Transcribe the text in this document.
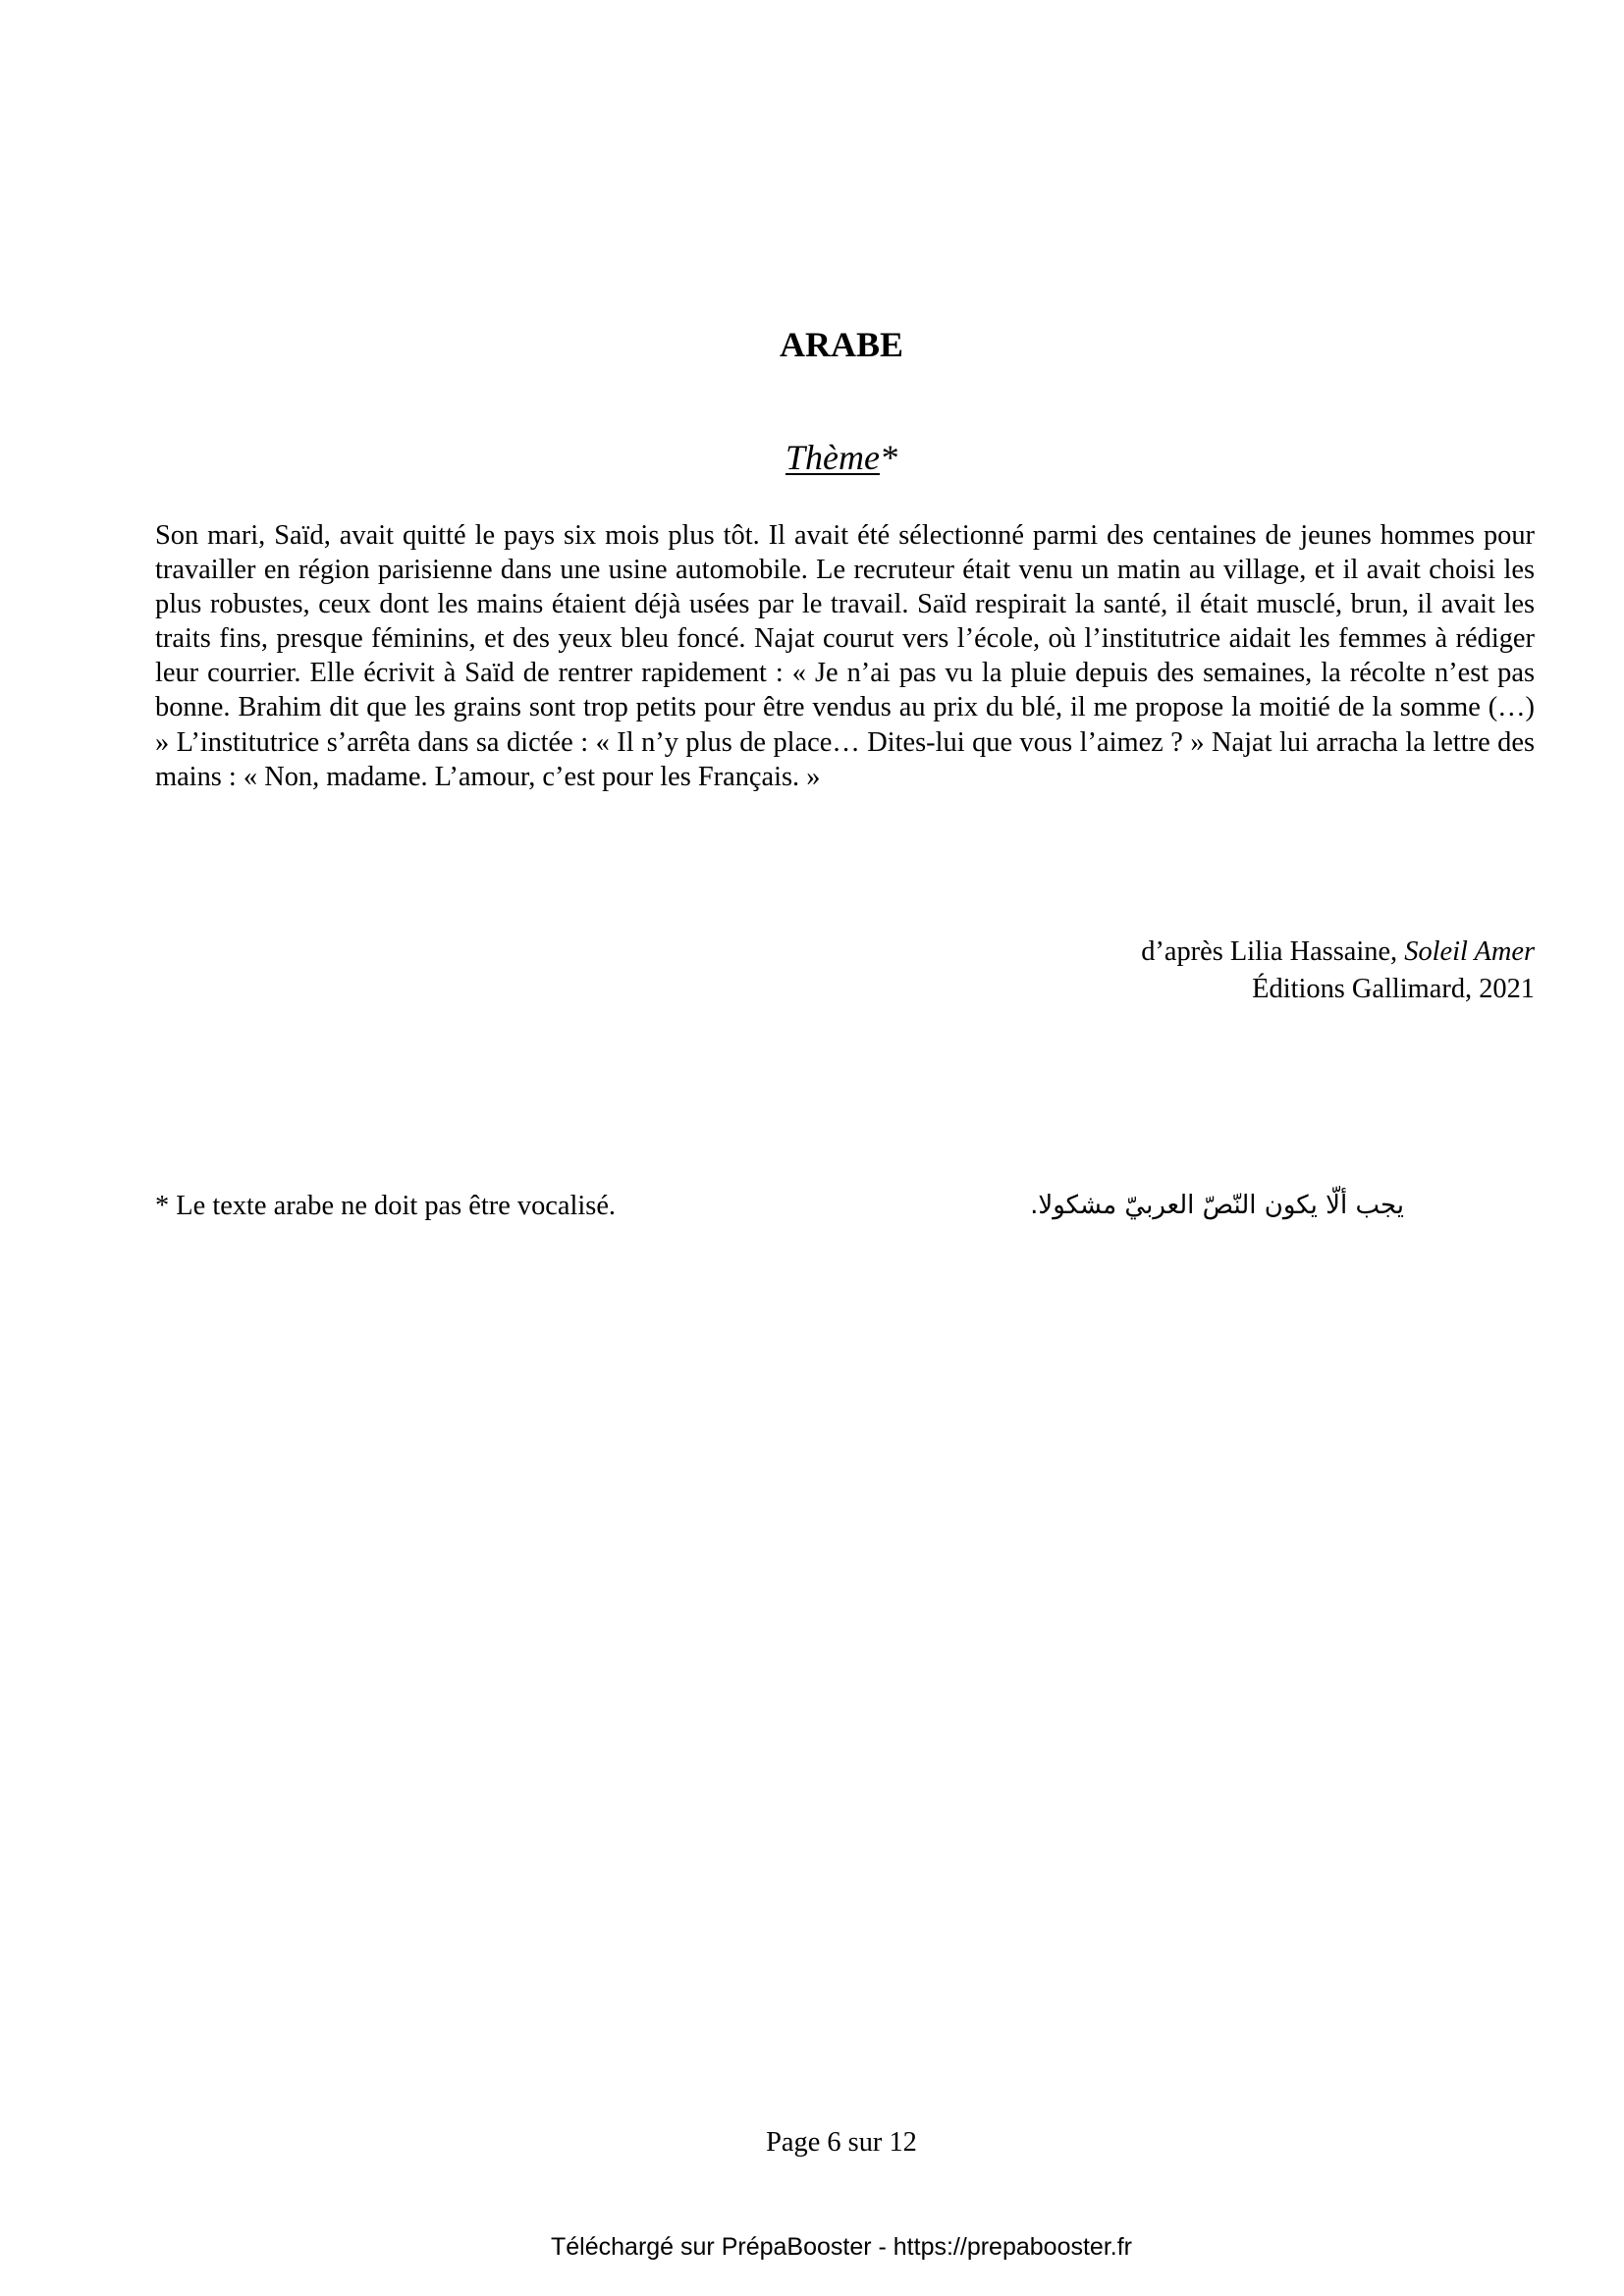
ARABE
Thème*

Son mari, Saïd, avait quitté le pays six mois plus tôt. Il avait été sélectionné parmi des centaines de jeunes hommes pour travailler en région parisienne dans une usine automobile. Le recruteur était venu un matin au village, et il avait choisi les plus robustes, ceux dont les mains étaient déjà usées par le travail. Saïd respirait la santé, il était musclé, brun, il avait les traits fins, presque féminins, et des yeux bleu foncé. Najat courut vers l’école, où l’institutrice aidait les femmes à rédiger leur courrier. Elle écrivit à Saïd de rentrer rapidement : « Je n’ai pas vu la pluie depuis des semaines, la récolte n’est pas bonne. Brahim dit que les grains sont trop petits pour être vendus au prix du blé, il me propose la moitié de la somme (…) » L’institutrice s’arrêta dans sa dictée : « Il n’y plus de place… Dites-lui que vous l’aimez ? » Najat lui arracha la lettre des mains : « Non, madame. L’amour, c’est pour les Français. »

d’après Lilia Hassaine, Soleil Amer
Éditions Gallimard, 2021
* Le texte arabe ne doit pas être vocalisé.	يجب ألّا يكون النّصّ العربيّ مشكولا.
Page 6 sur 12
Téléchargé sur PrépaBooster - https://prepabooster.fr
